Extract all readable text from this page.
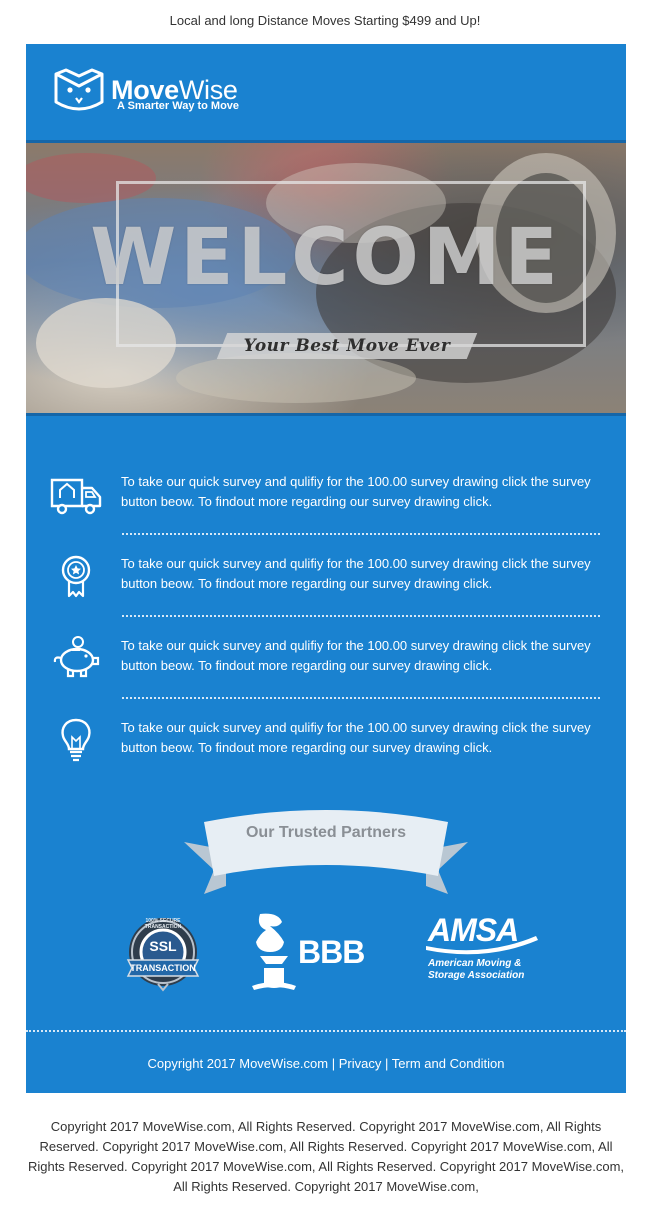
Local and long Distance Moves Starting $499 and Up!
MoveWise
A Smarter Way to Move
WELCOME
Your Best Move Ever
To take our quick survey and qulifiy for the 100.00 survey drawing click the survey button beow. To findout more regarding our survey drawing click.
To take our quick survey and qulifiy for the 100.00 survey drawing click the survey button beow. To findout more regarding our survey drawing click.
To take our quick survey and qulifiy for the 100.00 survey drawing click the survey button beow. To findout more regarding our survey drawing click.
To take our quick survey and qulifiy for the 100.00 survey drawing click the survey button beow. To findout more regarding our survey drawing click.
Our Trusted Partners
100% SECURE TRANSACTION
SSL
TRANSACTION	BBB
AMSA
American Moving &
Storage Association
Copyright 2017 MoveWise.com | Privacy | Term and Condition
Copyright 2017 MoveWise.com, All Rights Reserved. Copyright 2017 MoveWise.com, All Rights Reserved. Copyright 2017 MoveWise.com, All Rights Reserved. Copyright 2017 MoveWise.com, All Rights Reserved. Copyright 2017 MoveWise.com, All Rights Reserved. Copyright 2017 MoveWise.com, All Rights Reserved. Copyright 2017 MoveWise.com,
